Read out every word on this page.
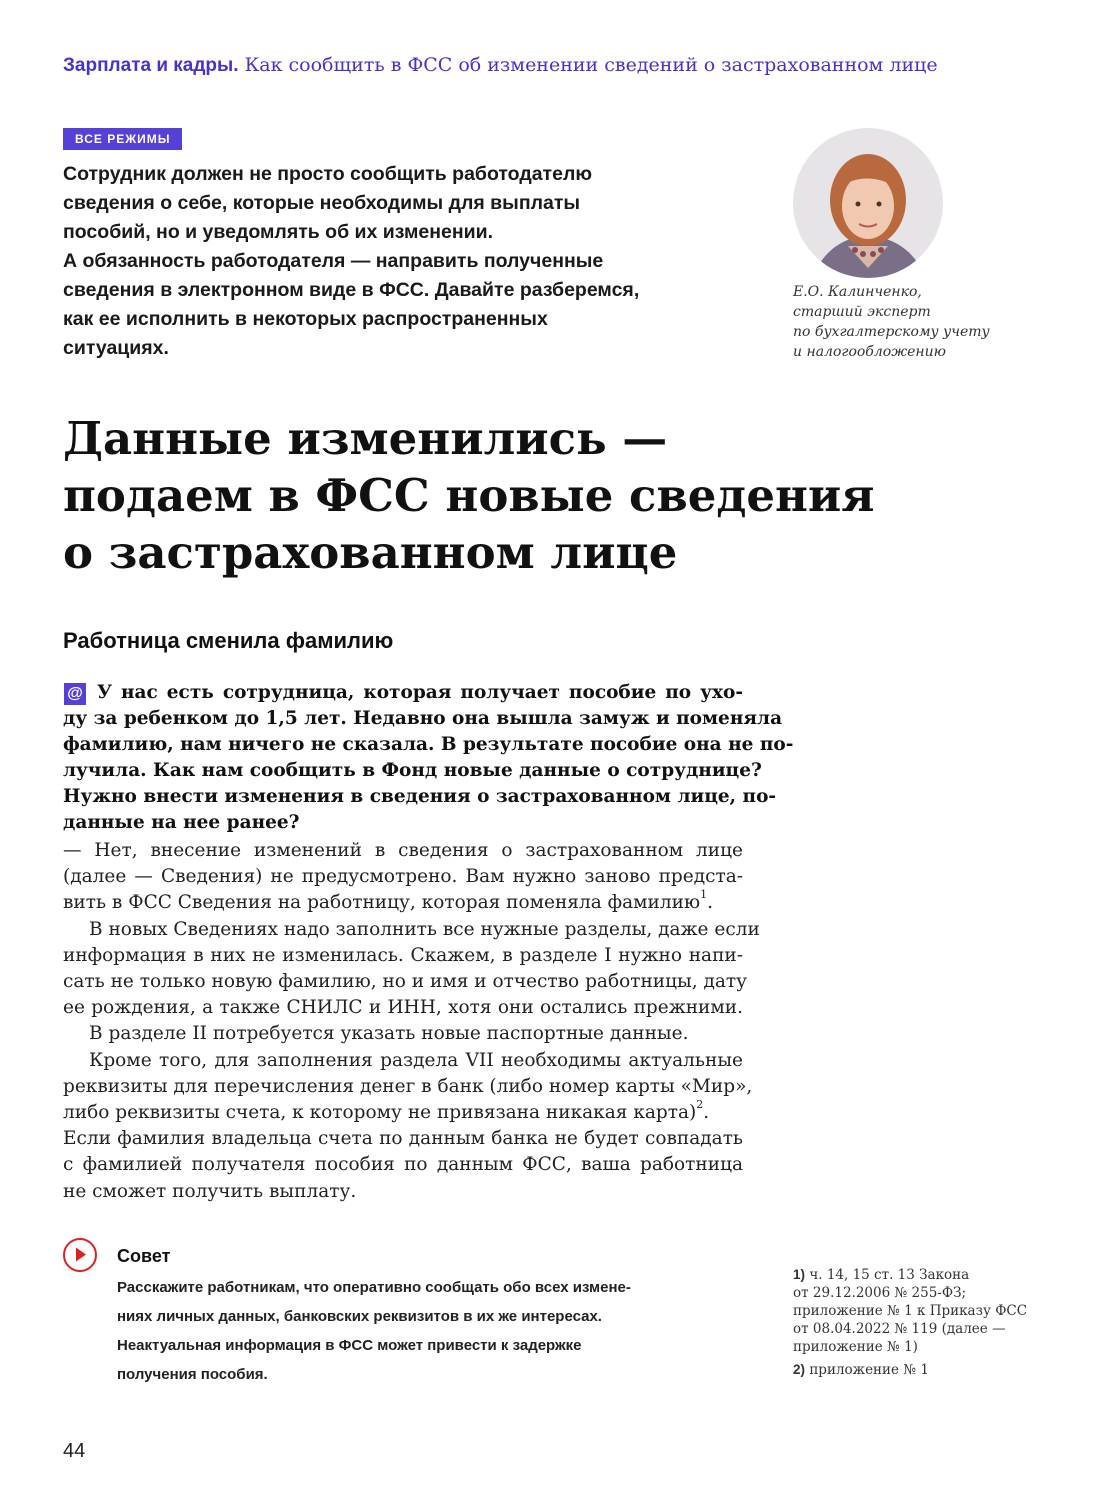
Зарплата и кадры. Как сообщить в ФСС об изменении сведений о застрахованном лице
ВСЕ РЕЖИМЫ
Сотрудник должен не просто сообщить работодателю
сведения о себе, которые необходимы для выплаты
пособий, но и уведомлять об их изменении.
А обязанность работодателя — направить полученные
сведения в электронном виде в ФСС. Давайте разберемся,
как ее исполнить в некоторых распространенных
ситуациях.
Е.О. Калинченко,
старший эксперт
по бухгалтерскому учету
и налогообложению
Данные изменились —
подаем в ФСС новые сведения
о застрахованном лице
Работница сменила фамилию
@ У нас есть сотрудница, которая получает пособие по ухо-
ду за ребенком до 1,5 лет. Недавно она вышла замуж и поменяла
фамилию, нам ничего не сказала. В результате пособие она не по-
лучила. Как нам сообщить в Фонд новые данные о сотруднице?
Нужно внести изменения в сведения о застрахованном лице, по-
данные на нее ранее?
— Нет, внесение изменений в сведения о застрахованном лице
(далее — Сведения) не предусмотрено. Вам нужно заново предста-
вить в ФСС Сведения на работницу, которая поменяла фамилию$^1$.
В новых Сведениях надо заполнить все нужные разделы, даже если
информация в них не изменилась. Скажем, в разделе I нужно напи-
сать не только новую фамилию, но и имя и отчество работницы, дату
ее рождения, а также СНИЛС и ИНН, хотя они остались прежними.
В разделе II потребуется указать новые паспортные данные.
Кроме того, для заполнения раздела VII необходимы актуальные
реквизиты для перечисления денег в банк (либо номер карты «Мир»,
либо реквизиты счета, к которому не привязана никакая карта)$^2$.
Если фамилия владельца счета по данным банка не будет совпадать
с фамилией получателя пособия по данным ФСС, ваша работница
не сможет получить выплату.
Совет
Расскажите работникам, что оперативно сообщать обо всех измене-
ниях личных данных, банковских реквизитов в их же интересах.
Неактуальная информация в ФСС может привести к задержке
получения пособия.
1) ч. 14, 15 ст. 13 Закона
от 29.12.2006 № 255-ФЗ;
приложение № 1 к Приказу ФСС
от 08.04.2022 № 119 (далее —
приложение № 1)
2) приложение № 1
44
